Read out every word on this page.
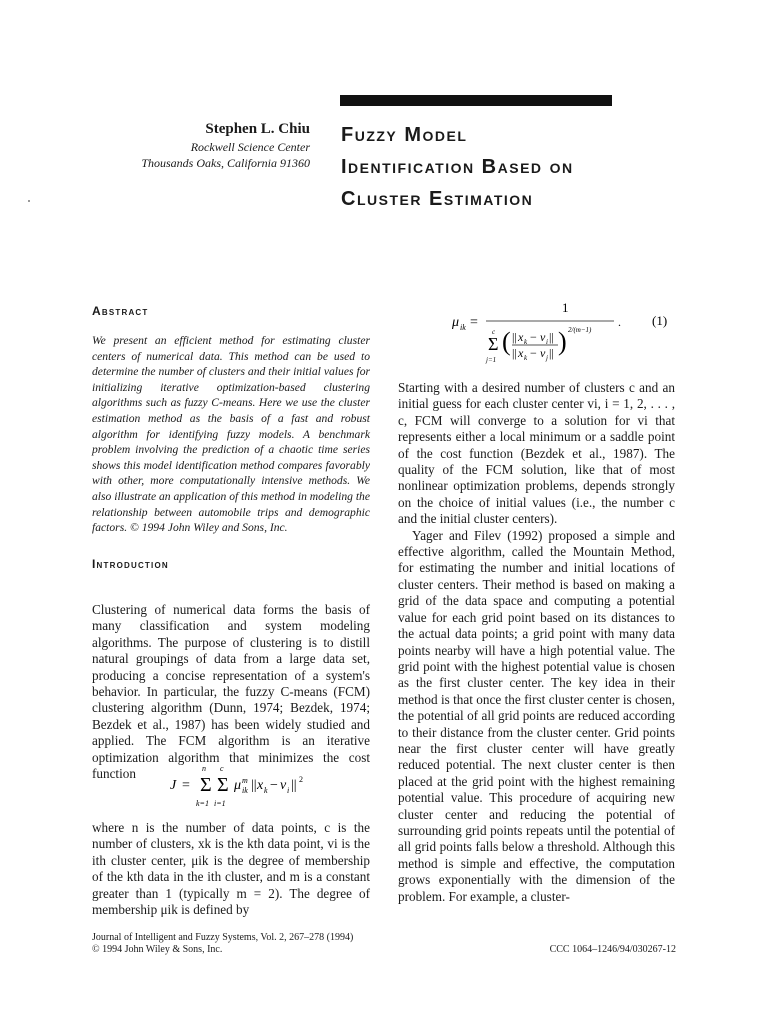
Stephen L. Chiu
Rockwell Science Center
Thousands Oaks, California 91360
Fuzzy Model
Identification Based on
Cluster Estimation
Abstract
We present an efficient method for estimating cluster centers of numerical data. This method can be used to determine the number of clusters and their initial values for initializing iterative optimization-based clustering algorithms such as fuzzy C-means. Here we use the cluster estimation method as the basis of a fast and robust algorithm for identifying fuzzy models. A benchmark problem involving the prediction of a chaotic time series shows this model identification method compares favorably with other, more computationally intensive methods. We also illustrate an application of this method in modeling the relationship between automobile trips and demographic factors. © 1994 John Wiley and Sons, Inc.
Introduction

Clustering of numerical data forms the basis of many classification and system modeling algorithms. The purpose of clustering is to distill natural groupings of data from a large data set, producing a concise representation of a system's behavior. In particular, the fuzzy C-means (FCM) clustering algorithm (Dunn, 1974; Bezdek, 1974; Bezdek et al., 1987) has been widely studied and applied. The FCM algorithm is an iterative optimization algorithm that minimizes the cost function

J = Σ
n
k=1
Σ
c
i=1
μ m
ik || x k − v i || 2

where n is the number of data points, c is the number of clusters, xk is the kth data point, vi is the ith cluster center, μik is the degree of membership of the kth data in the ith cluster, and m is a constant greater than 1 (typically m = 2). The degree of membership μik is defined by

μ ik =
1
Σ
c
j=1
( || x k − v i ||
|| x k − v j || ) 2/(m−1)
. (1)

Starting with a desired number of clusters c and an initial guess for each cluster center vi, i = 1, 2, . . . , c, FCM will converge to a solution for vi that represents either a local minimum or a saddle point of the cost function (Bezdek et al., 1987). The quality of the FCM solution, like that of most nonlinear optimization problems, depends strongly on the choice of initial values (i.e., the number c and the initial cluster centers).

Yager and Filev (1992) proposed a simple and effective algorithm, called the Mountain Method, for estimating the number and initial locations of cluster centers. Their method is based on making a grid of the data space and computing a potential value for each grid point based on its distances to the actual data points; a grid point with many data points nearby will have a high potential value. The grid point with the highest potential value is chosen as the first cluster center. The key idea in their method is that once the first cluster center is chosen, the potential of all grid points are reduced according to their distance from the cluster center. Grid points near the first cluster center will have greatly reduced potential. The next cluster center is then placed at the grid point with the highest remaining potential value. This procedure of acquiring new cluster center and reducing the potential of surrounding grid points repeats until the potential of all grid points falls below a threshold. Although this method is simple and effective, the computation grows exponentially with the dimension of the problem. For example, a cluster-

Journal of Intelligent and Fuzzy Systems, Vol. 2, 267–278 (1994)
© 1994 John Wiley & Sons, Inc.	CCC 1064–1246/94/030267-12
